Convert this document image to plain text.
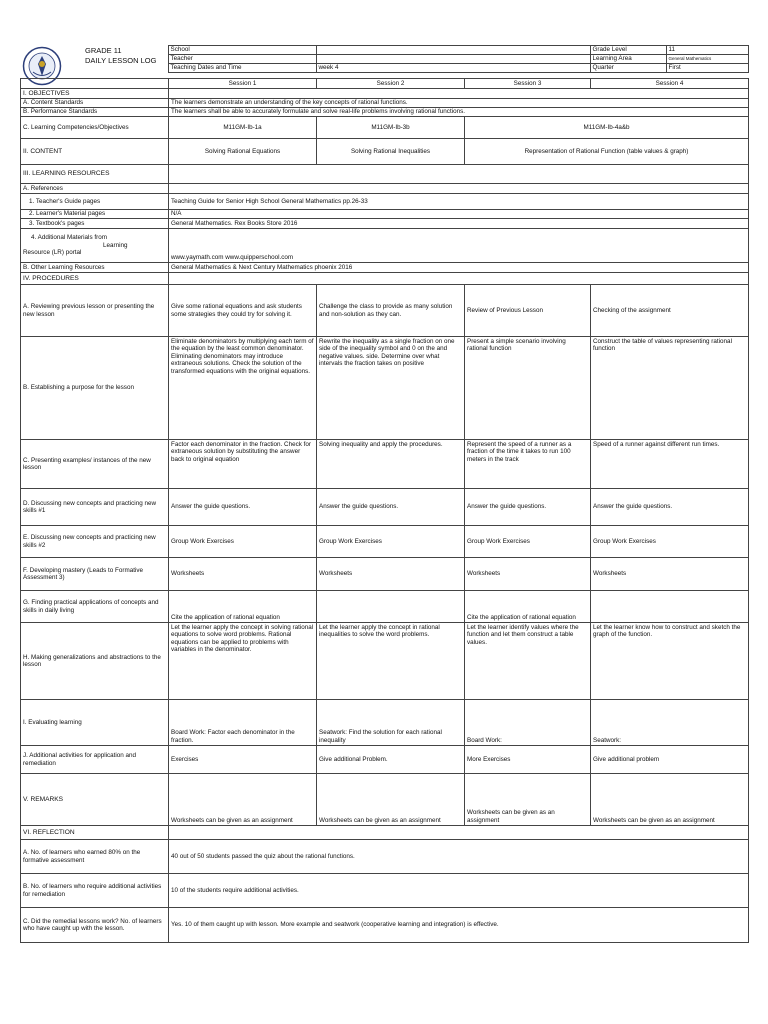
GRADE 11
DAILY LESSON LOG
	School		Grade Level	11
	Teacher		Learning Area	General Mathematics
	Teaching Dates and Time	week 4	Quarter	First
	Session 1	Session 2	Session 3	Session 4
I. OBJECTIVES				
A. Content Standards	The learners demonstrate an understanding of the key concepts of rational functions.			
B. Performance Standards	The learners shall be able to accurately formulate and solve real-life problems involving rational functions.			
C. Learning Competencies/Objectives	M11GM-Ib-1a	M11GM-Ib-3b	M11GM-Ib-4a&b	
II. CONTENT	Solving Rational Equations	Solving Rational Inequalities	Representation of Rational Function (table values & graph)	
III. LEARNING RESOURCES				
A. References				
1. Teacher's Guide pages	Teaching Guide for Senior High School General Mathematics pp.26-33			
2. Learner's Material pages	N/A			
3. Textbook's pages	General Mathematics. Rex Books Store 2016			

4. Additional Materials from
Learning
Resource (LR) portal	www.yaymath.com www.quipperschool.com			
B. Other Learning Resources	General Mathematics & Next Century Mathematics phoenix 2016			
IV. PROCEDURES				
A. Reviewing previous lesson or presenting the new lesson	Give some rational equations and ask students some strategies they could try for solving it.	Challenge the class to provide as many solution and non-solution as they can.	Review of Previous Lesson	Checking of the assignment
B. Establishing a purpose for the lesson	Eliminate denominators by multiplying each term of the equation by the least common denominator. Eliminating denominators may introduce extraneous solutions. Check the solution of the transformed equations with the original equations.	Rewrite the inequality as a single fraction on one side of the inequality symbol and 0 on the and negative values. side. Determine over what intervals the fraction takes on positive	Present a simple scenario involving rational function	Construct the table of values representing rational function
C. Presenting examples/ instances of the new lesson	Factor each denominator in the fraction. Check for extraneous solution by substituting the answer back to original equation	Solving inequality and apply the procedures.	Represent the speed of a runner as a fraction of the time it takes to run 100 meters in the track	Speed of a runner against different run times.
D. Discussing new concepts and practicing new skills #1	Answer the guide questions.	Answer the guide questions.	Answer the guide questions.	Answer the guide questions.
E. Discussing new concepts and practicing new skills #2	Group Work Exercises	Group Work Exercises	Group Work Exercises	Group Work Exercises
F. Developing mastery (Leads to Formative Assessment 3)	Worksheets	Worksheets	Worksheets	Worksheets
G. Finding practical applications of concepts and skills in daily living	Cite the application of rational equation		Cite the application of rational equation	
H. Making generalizations and abstractions to the lesson	Let the learner apply the concept in solving rational equations to solve word problems. Rational equations can be applied to problems with variables in the denominator.	Let the learner apply the concept in rational inequalities to solve the word problems.	Let the learner identify values where the function and let them construct a table values.	Let the learner know how to construct and sketch the graph of the function.
I. Evaluating learning	Board Work: Factor each denominator in the fraction.	Seatwork: Find the solution for each rational inequality	Board Work:	Seatwork:
J. Additional activities for application and remediation	Exercises	Give additional Problem.	More Exercises	Give additional problem
V. REMARKS	Worksheets can be given as an assignment	Worksheets can be given as an assignment	Worksheets can be given as an assignment	Worksheets can be given as an assignment
VI. REFLECTION				
A. No. of learners who earned 80% on the formative assessment	40 out of 50 students passed the quiz about the rational functions.			
B. No. of learners who require additional activities for remediation	10 of the students require additional activities.			
C. Did the remedial lessons work? No. of learners who have caught up with the lesson.	Yes. 10 of them caught up with lesson. More example and seatwork (cooperative learning and integration) is effective.			
